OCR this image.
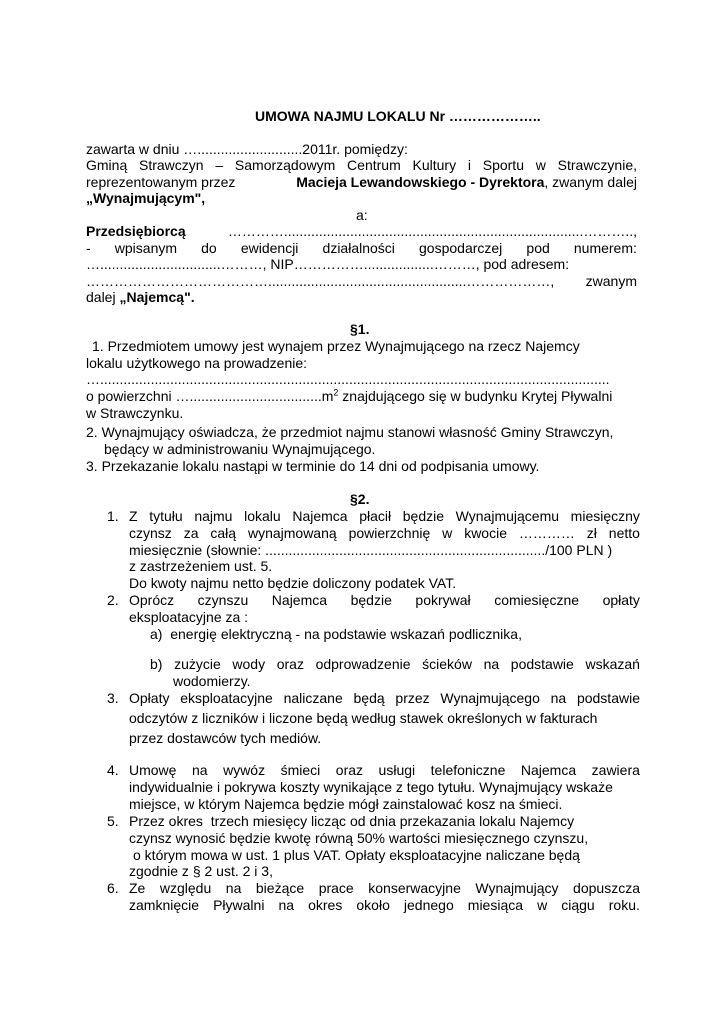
UMOWA NAJMU LOKALU Nr ………………..
zawarta w dniu …...........................2011r. pomiędzy:
Gminą Strawczyn – Samorządowym Centrum Kultury i Sportu w Strawczynie,
reprezentowanym przez	Macieja Lewandowskiego - Dyrektora, zwanym dalej
„Wynajmującym",
a:
Przedsiębiorcą	………….............................................................................………..,
- wpisanym do ewidencji działalności gospodarczej pod numerem:
…...............................………, NIP……………..................………, pod adresem:
…………………………………...................................................………………, zwanym
dalej „Najemcą".
§1.
1. Przedmiotem umowy jest wynajem przez Wynajmującego na rzecz Najemcy
lokalu użytkowego na prowadzenie:
…...................................................................................................................................
o powierzchni $\dots..................................m^2$ znajdującego się w budynku Krytej Pływalni
w Strawczynku.
2. Wynajmujący oświadcza, że przedmiot najmu stanowi własność Gminy Strawczyn,
będący w administrowaniu Wynajmującego.
3. Przekazanie lokalu nastąpi w terminie do 14 dni od podpisania umowy.
§2.
1. Z tytułu najmu lokalu Najemca płacił będzie Wynajmującemu miesięczny
czynsz za całą wynajmowaną powierzchnię w kwocie ………… zł netto
miesięcznie (słownie: ......................................................................../100 PLN )
z zastrzeżeniem ust. 5.
Do kwoty najmu netto będzie doliczony podatek VAT.
2. Oprócz czynszu Najemca będzie pokrywał comiesięczne opłaty
eksploatacyjne za :
a)  energię elektryczną - na podstawie wskazań podlicznika,
b) zużycie wody oraz odprowadzenie ścieków na podstawie wskazań
wodomierzy.
3. Opłaty eksploatacyjne naliczane będą przez Wynajmującego na podstawie
odczytów z liczników i liczone będą według stawek określonych w fakturach
przez dostawców tych mediów.
4. Umowę na wywóz śmieci oraz usługi telefoniczne Najemca zawiera
indywidualnie i pokrywa koszty wynikające z tego tytułu. Wynajmujący wskaże
miejsce, w którym Najemca będzie mógł zainstalować kosz na śmieci.
5. Przez okres  trzech miesięcy licząc od dnia przekazania lokalu Najemcy
czynsz wynosić będzie kwotę równą 50% wartości miesięcznego czynszu,
o którym mowa w ust. 1 plus VAT. Opłaty eksploatacyjne naliczane będą
zgodnie z § 2 ust. 2 i 3,
6. Ze względu na bieżące prace konserwacyjne Wynajmujący dopuszcza
zamknięcie Pływalni na okres około jednego miesiąca w ciągu roku.
